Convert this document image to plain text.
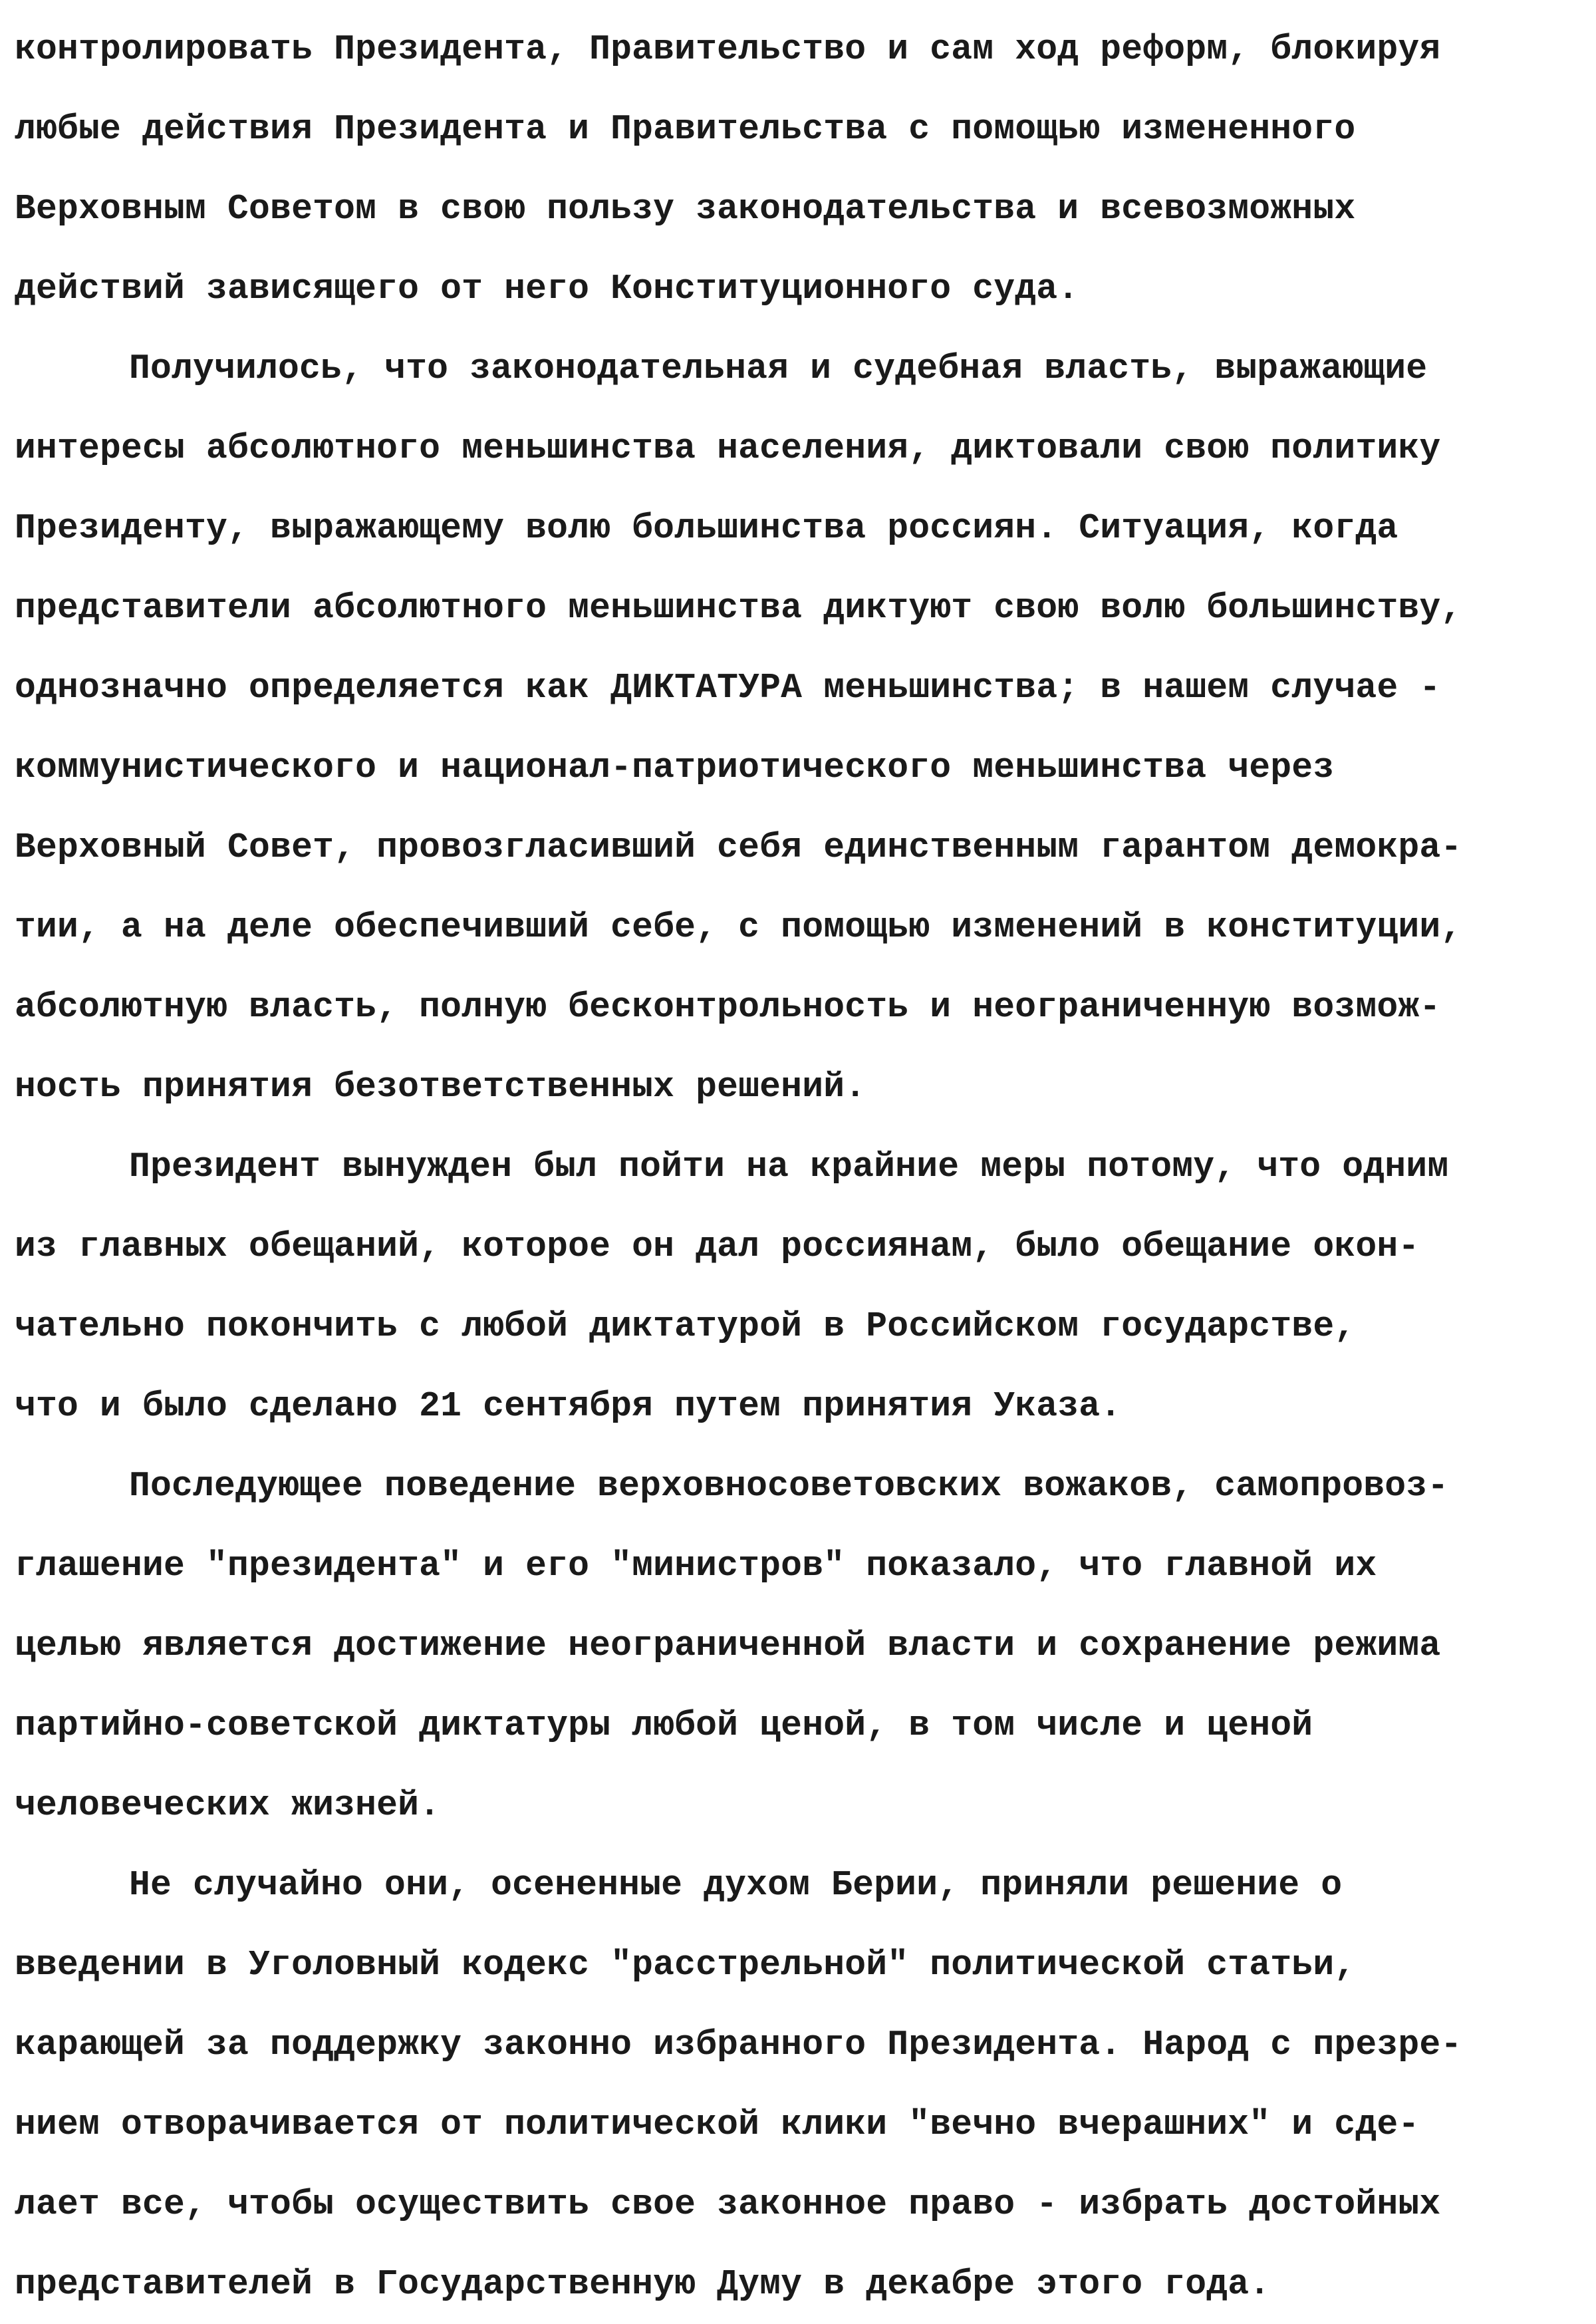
контролировать Президента, Правительство и сам ход реформ, блокируя
любые действия Президента и Правительства с помощью измененного
Верховным Советом в свою пользу законодательства и всевозможных
действий зависящего от него Конституционного суда.
Получилось, что законодательная и судебная власть, выражающие
интересы абсолютного меньшинства населения, диктовали свою политику
Президенту, выражающему волю большинства россиян. Ситуация, когда
представители абсолютного меньшинства диктуют свою волю большинству,
однозначно определяется как ДИКТАТУРА меньшинства; в нашем случае -
коммунистического и национал-патриотического меньшинства через
Верховный Совет, провозгласивший себя единственным гарантом демокра-
тии, а на деле обеспечивший себе, с помощью изменений в конституции,
абсолютную власть, полную бесконтрольность и неограниченную возмож-
ность принятия безответственных решений.
Президент вынужден был пойти на крайние меры потому, что одним
из главных обещаний, которое он дал россиянам, было обещание окон-
чательно покончить с любой диктатурой в Российском государстве,
что и было сделано 21 сентября путем принятия Указа.
Последующее поведение верховносоветовских вожаков, самопровоз-
глашение "президента" и его "министров" показало, что главной их
целью является достижение неограниченной власти и сохранение режима
партийно-советской диктатуры любой ценой, в том числе и ценой
человеческих жизней.
Не случайно они, осененные духом Берии, приняли решение о
введении в Уголовный кодекс "расстрельной" политической статьи,
карающей за поддержку законно избранного Президента. Народ с презре-
нием отворачивается от политической клики "вечно вчерашних" и сде-
лает все, чтобы осуществить свое законное право - избрать достойных
представителей в Государственную Думу в декабре этого года.
